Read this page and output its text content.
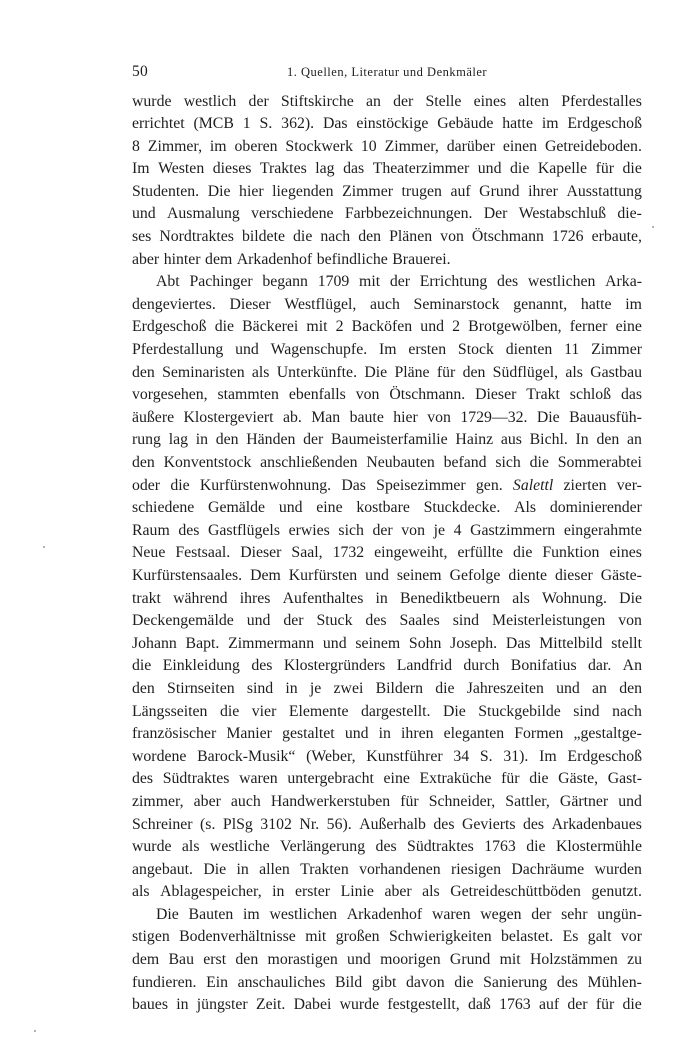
50	1. Quellen, Literatur und Denkmäler
wurde westlich der Stiftskirche an der Stelle eines alten Pferdestalles
errichtet (MCB 1 S. 362). Das einstöckige Gebäude hatte im Erdgeschoß
8 Zimmer, im oberen Stockwerk 10 Zimmer, darüber einen Getreideboden.
Im Westen dieses Traktes lag das Theaterzimmer und die Kapelle für die
Studenten. Die hier liegenden Zimmer trugen auf Grund ihrer Ausstattung
und Ausmalung verschiedene Farbbezeichnungen. Der Westabschluß die-
ses Nordtraktes bildete die nach den Plänen von Ötschmann 1726 erbaute,
aber hinter dem Arkadenhof befindliche Brauerei.
Abt Pachinger begann 1709 mit der Errichtung des westlichen Arka-
dengeviertes. Dieser Westflügel, auch Seminarstock genannt, hatte im
Erdgeschoß die Bäckerei mit 2 Backöfen und 2 Brotgewölben, ferner eine
Pferdestallung und Wagenschupfe. Im ersten Stock dienten 11 Zimmer
den Seminaristen als Unterkünfte. Die Pläne für den Südflügel, als Gastbau
vorgesehen, stammten ebenfalls von Ötschmann. Dieser Trakt schloß das
äußere Klostergeviert ab. Man baute hier von 1729—32. Die Bauausfüh-
rung lag in den Händen der Baumeisterfamilie Hainz aus Bichl. In den an
den Konventstock anschließenden Neubauten befand sich die Sommerabtei
oder die Kurfürstenwohnung. Das Speisezimmer gen. Salettl zierten ver-
schiedene Gemälde und eine kostbare Stuckdecke. Als dominierender
Raum des Gastflügels erwies sich der von je 4 Gastzimmern eingerahmte
Neue Festsaal. Dieser Saal, 1732 eingeweiht, erfüllte die Funktion eines
Kurfürstensaales. Dem Kurfürsten und seinem Gefolge diente dieser Gäste-
trakt während ihres Aufenthaltes in Benediktbeuern als Wohnung. Die
Deckengemälde und der Stuck des Saales sind Meisterleistungen von
Johann Bapt. Zimmermann und seinem Sohn Joseph. Das Mittelbild stellt
die Einkleidung des Klostergründers Landfrid durch Bonifatius dar. An
den Stirnseiten sind in je zwei Bildern die Jahreszeiten und an den
Längsseiten die vier Elemente dargestellt. Die Stuckgebilde sind nach
französischer Manier gestaltet und in ihren eleganten Formen „gestaltge-
wordene Barock-Musik“ (Weber, Kunstführer 34 S. 31). Im Erdgeschoß
des Südtraktes waren untergebracht eine Extraküche für die Gäste, Gast-
zimmer, aber auch Handwerkerstuben für Schneider, Sattler, Gärtner und
Schreiner (s. PlSg 3102 Nr. 56). Außerhalb des Gevierts des Arkadenbaues
wurde als westliche Verlängerung des Südtraktes 1763 die Klostermühle
angebaut. Die in allen Trakten vorhandenen riesigen Dachräume wurden
als Ablagespeicher, in erster Linie aber als Getreideschüttböden genutzt.
Die Bauten im westlichen Arkadenhof waren wegen der sehr ungün-
stigen Bodenverhältnisse mit großen Schwierigkeiten belastet. Es galt vor
dem Bau erst den morastigen und moorigen Grund mit Holzstämmen zu
fundieren. Ein anschauliches Bild gibt davon die Sanierung des Mühlen-
baues in jüngster Zeit. Dabei wurde festgestellt, daß 1763 auf der für die
